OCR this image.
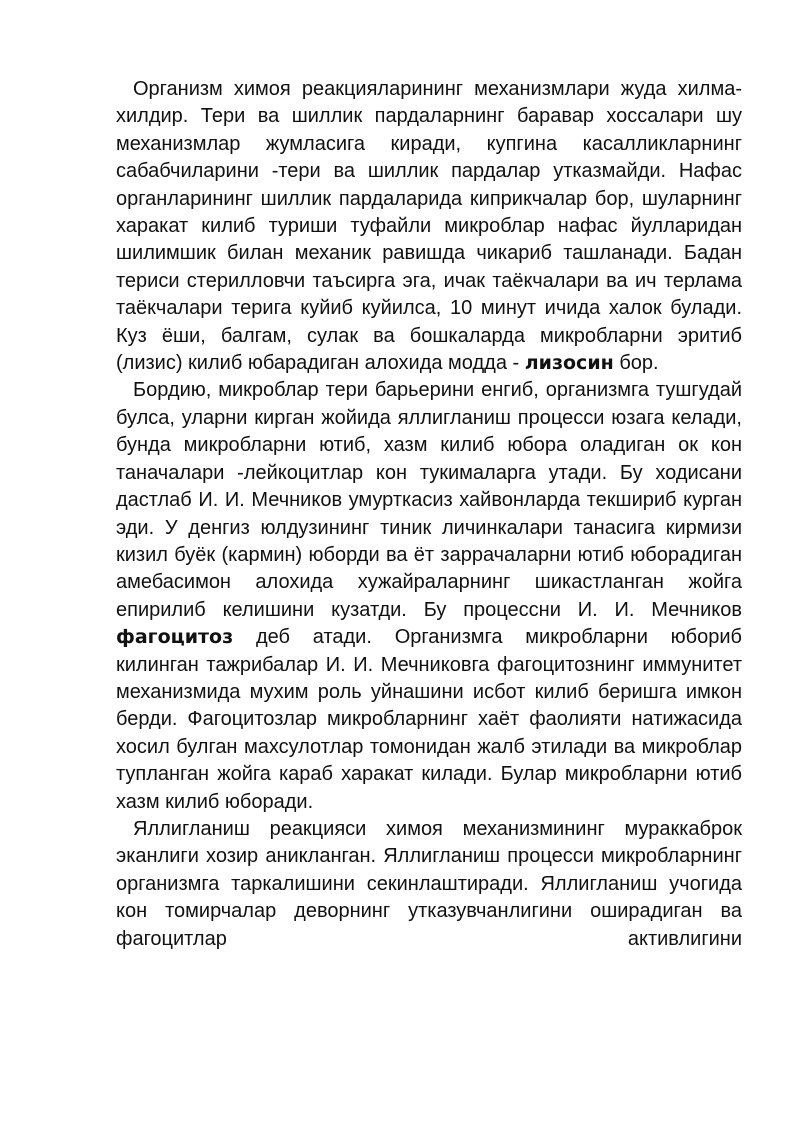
Организм химоя реакцияларининг механизмлари жуда хилма-хилдир. Тери ва шиллик пардаларнинг баравар хоссалари шу механизмлар жумласига киради, купгина касалликларнинг сабабчиларини -тери ва шиллик пардалар утказмайди. Нафас органларининг шиллик пардаларида киприкчалар бор, шуларнинг харакат килиб туриши туфайли микроблар нафас йулларидан шилимшик билан механик равишда чикариб ташланади. Бадан териси стерилловчи таъсирга эга, ичак таёкчалари ва ич терлама таёкчалари терига куйиб куйилса, 10 минут ичида халок булади. Куз ёши, балгам, сулак ва бошкаларда микробларни эритиб (лизис) килиб юбарадиган алохида модда - лизосин бор.

Бордию, микроблар тери барьерини енгиб, организмга тушгудай булса, уларни кирган жойида яллигланиш процесси юзага келади, бунда микробларни ютиб, хазм килиб юбора оладиган ок кон таначалари -лейкоцитлар кон тукималарга утади. Бу ходисани дастлаб И. И. Мечников умурткасиз хайвонларда текшириб курган эди. У денгиз юлдузининг тиник личинкалари танасига кирмизи кизил буёк (кармин) юборди ва ёт заррачаларни ютиб юборадиган амебасимон алохида хужайраларнинг шикастланган жойга епирилиб келишини кузатди. Бу процессни И. И. Мечников фагоцитоз деб атади. Организмга микробларни юбориб килинган тажрибалар И. И. Мечниковга фагоцитознинг иммунитет механизмида мухим роль уйнашини исбот килиб беришга имкон берди. Фагоцитозлар микробларнинг хаёт фаолияти натижасида хосил булган махсулотлар томонидан жалб этилади ва микроблар тупланган жойга караб харакат килади. Булар микробларни ютиб хазм килиб юборади.

Яллигланиш реакцияси химоя механизмининг мураккаброк эканлиги хозир аникланган. Яллигланиш процесси микробларнинг организмга таркалишини секинлаштиради. Яллигланиш учогида кон томирчалар деворнинг утказувчанлигини оширадиган ва фагоцитлар активлигини
